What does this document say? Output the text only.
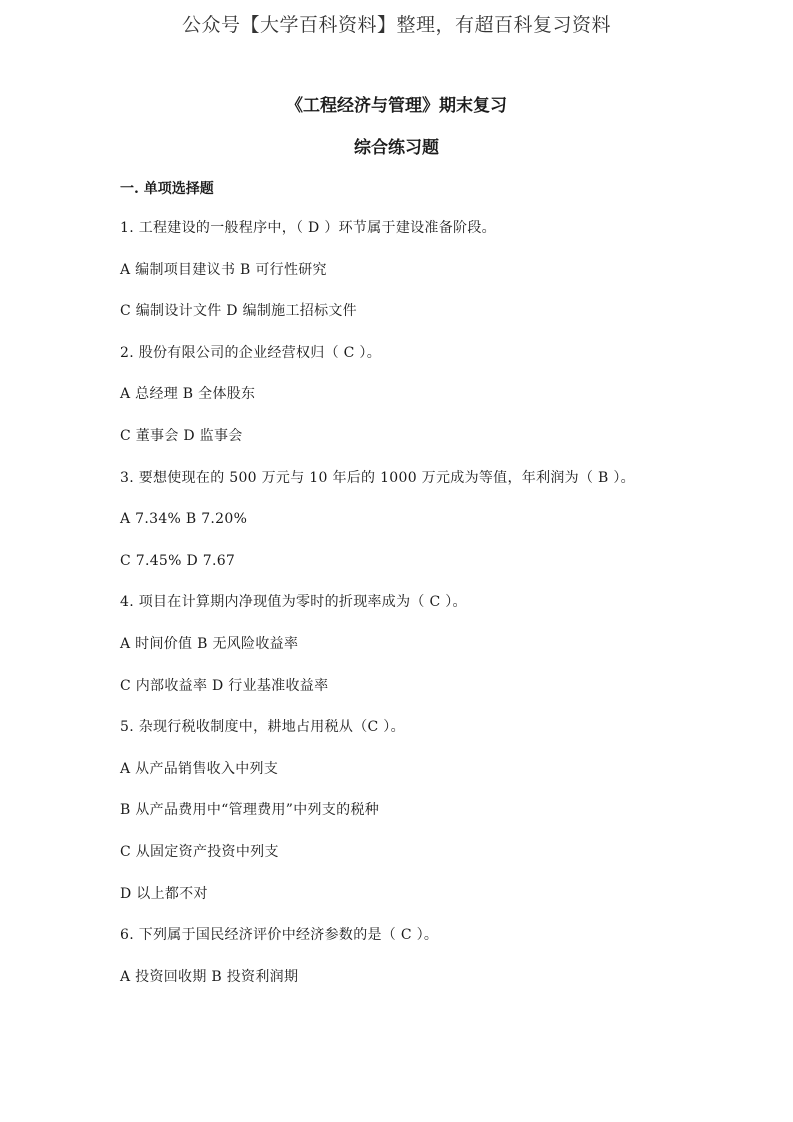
公众号【大学百科资料】整理，有超百科复习资料
《工程经济与管理》期末复习
综合练习题
一. 单项选择题
1. 工程建设的一般程序中，（ D ）环节属于建设准备阶段。
A 编制项目建议书 B 可行性研究
C 编制设计文件 D 编制施工招标文件
2. 股份有限公司的企业经营权归（ C ）。
A 总经理 B 全体股东
C 董事会 D 监事会
3. 要想使现在的 500 万元与 10 年后的 1000 万元成为等值，年利润为（ B ）。
A 7.34% B 7.20%
C 7.45% D 7.67
4. 项目在计算期内净现值为零时的折现率成为（ C ）。
A 时间价值 B 无风险收益率
C 内部收益率 D 行业基准收益率
5. 杂现行税收制度中，耕地占用税从（C ）。
A 从产品销售收入中列支
B 从产品费用中“管理费用”中列支的税种
C 从固定资产投资中列支
D 以上都不对
6. 下列属于国民经济评价中经济参数的是（ C ）。
A 投资回收期 B 投资利润期
